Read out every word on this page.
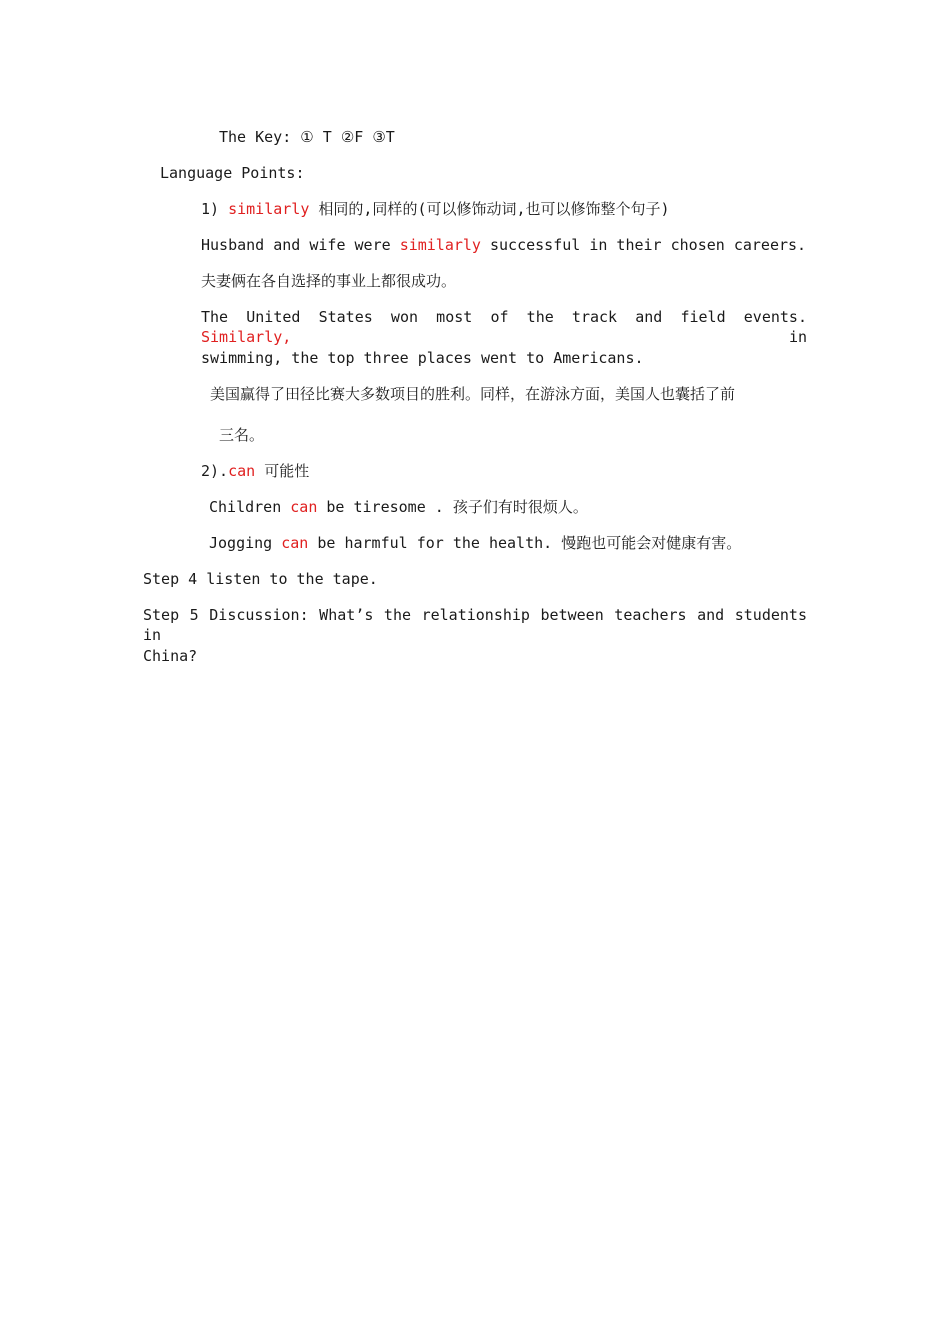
The Key: ① T ②F ③T
Language Points:
1) similarly 相同的,同样的(可以修饰动词,也可以修饰整个句子)
Husband and wife were similarly successful in their chosen careers.
夫妻俩在各自选择的事业上都很成功。
The United States won most of the track and field events. Similarly,	in
swimming, the top three places went to Americans.
美国赢得了田径比赛大多数项目的胜利。同样，在游泳方面，美国人也囊括了前
三名。
2).can 可能性
Children can be tiresome . 孩子们有时很烦人。
Jogging can be harmful for the health. 慢跑也可能会对健康有害。
Step 4 listen to the tape.
Step 5 Discussion: What’s the relationship between teachers and students in
China?
